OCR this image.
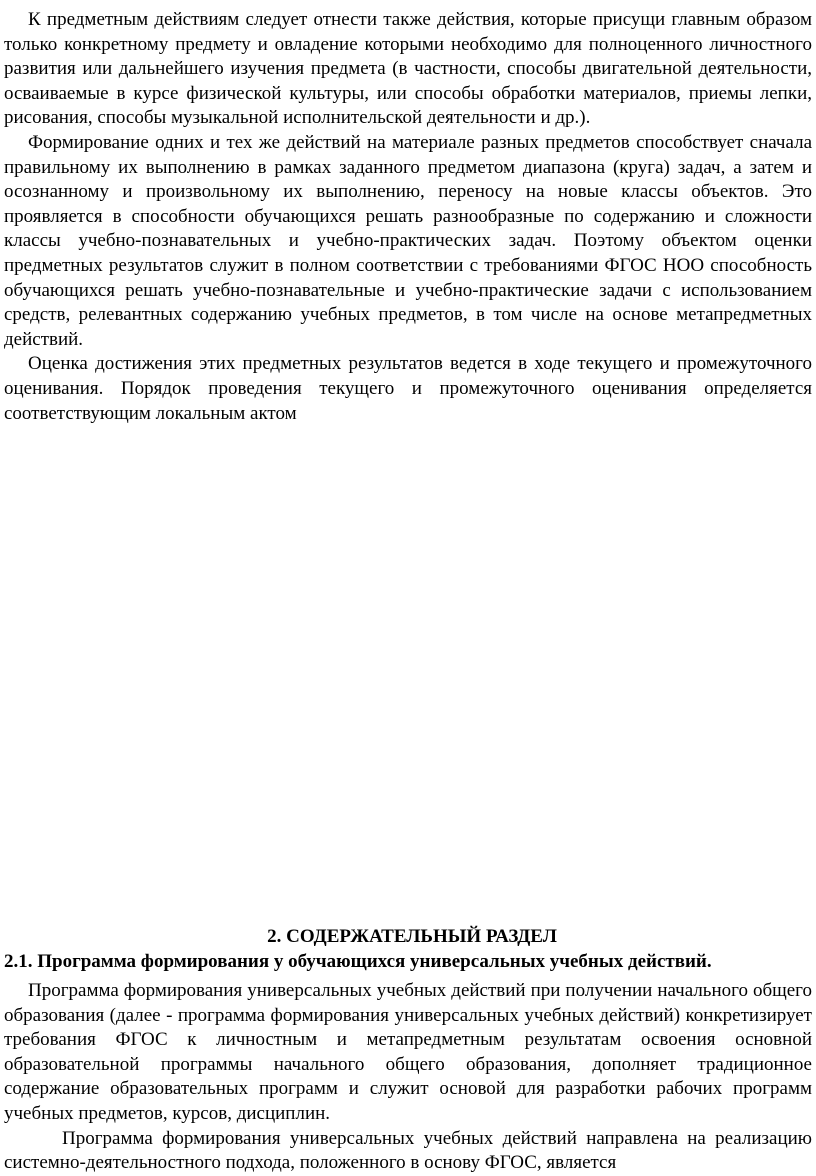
К предметным действиям следует отнести также действия, которые присущи главным образом только конкретному предмету и овладение которыми необходимо для полноценного личностного развития или дальнейшего изучения предмета (в частности, способы двигательной деятельности, осваиваемые в курсе физической культуры, или способы обработки материалов, приемы лепки, рисования, способы музыкальной исполнительской деятельности и др.).

Формирование одних и тех же действий на материале разных предметов способствует сначала правильному их выполнению в рамках заданного предметом диапазона (круга) задач, а затем и осознанному и произвольному их выполнению, переносу на новые классы объектов. Это проявляется в способности обучающихся решать разнообразные по содержанию и сложности классы учебно-познавательных и учебно-практических задач. Поэтому объектом оценки предметных результатов служит в полном соответствии с требованиями ФГОС НОО способность обучающихся решать учебно-познавательные и учебно-практические задачи с использованием средств, релевантных содержанию учебных предметов, в том числе на основе метапредметных действий.

Оценка достижения этих предметных результатов ведется в ходе текущего и промежуточного оценивания. Порядок проведения текущего и промежуточного оценивания определяется соответствующим локальным актом

2. СОДЕРЖАТЕЛЬНЫЙ РАЗДЕЛ
2.1. Программа формирования у обучающихся универсальных учебных действий.

Программа формирования универсальных учебных действий при получении начального общего образования (далее - программа формирования универсальных учебных действий) конкретизирует требования ФГОС к личностным и метапредметным результатам освоения основной образовательной программы начального общего образования, дополняет традиционное содержание образовательных программ и служит основой для разработки рабочих программ учебных предметов, курсов, дисциплин.

Программа формирования универсальных учебных действий направлена на реализацию системно-деятельностного подхода, положенного в основу ФГОС, является
